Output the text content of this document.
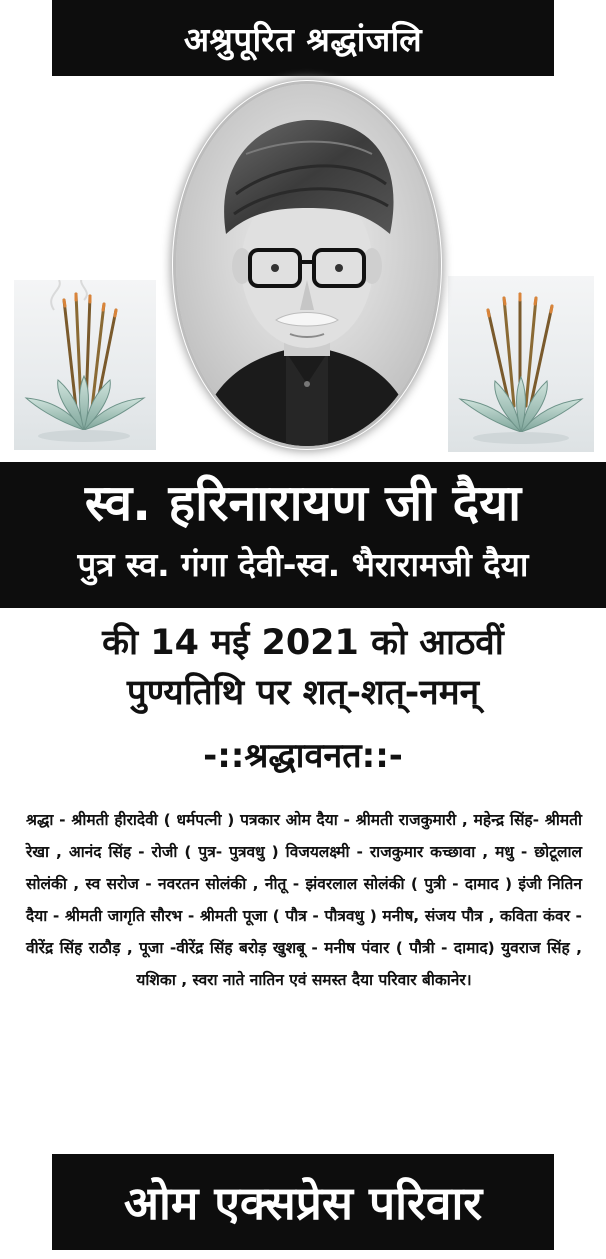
अश्रुपूरित श्रद्धांजलि
स्व. हरिनारायण जी दैया
पुत्र स्व. गंगा देवी-स्व. भैरारामजी दैया
की 14 मई 2021 को आठवीं
पुण्यतिथि पर शत्-शत्-नमन्
-::श्रद्धावनत::-
श्रद्धा - श्रीमती हीरादेवी ( धर्मपत्नी ) पत्रकार ओम दैया - श्रीमती राजकुमारी , महेन्द्र सिंह- श्रीमती रेखा , आनंद सिंह - रोजी ( पुत्र- पुत्रवधु ) विजयलक्ष्मी - राजकुमार कच्छावा , मधु - छोटूलाल सोलंकी , स्व सरोज - नवरतन सोलंकी , नीतू - झंवरलाल सोलंकी ( पुत्री - दामाद ) इंजी नितिन दैया - श्रीमती जागृति सौरभ - श्रीमती पूजा ( पौत्र - पौत्रवधु ) मनीष, संजय पौत्र , कविता कंवर - वीरेंद्र सिंह राठौड़ , पूजा -वीरेंद्र सिंह बरोड़ खुशबू - मनीष पंवार ( पौत्री - दामाद) युवराज सिंह , यशिका , स्वरा नाते नातिन एवं समस्त दैया परिवार बीकानेर।
ओम एक्सप्रेस परिवार
